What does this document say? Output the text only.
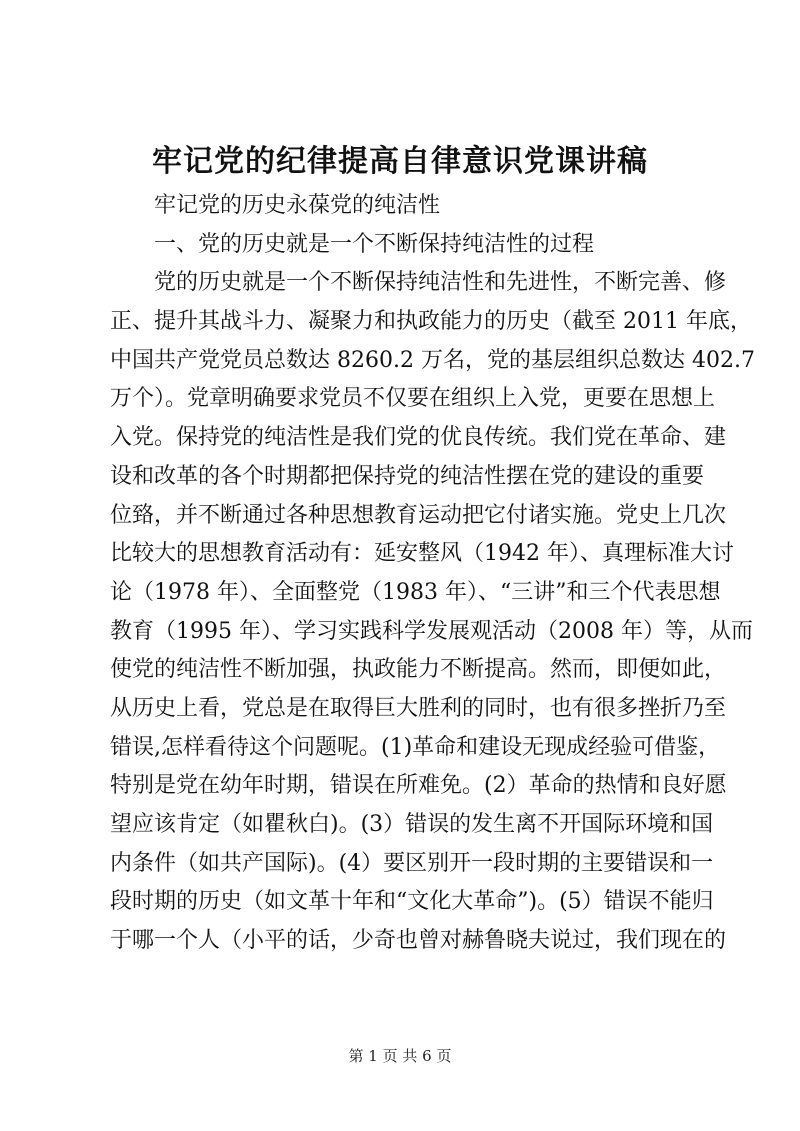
牢记党的纪律提高自律意识党课讲稿
牢记党的历史永葆党的纯洁性
一、党的历史就是一个不断保持纯洁性的过程
党的历史就是一个不断保持纯洁性和先进性，不断完善、修
正、提升其战斗力、凝聚力和执政能力的历史（截至 2011 年底，
中国共产党党员总数达 8260.2 万名，党的基层组织总数达 402.7
万个）。党章明确要求党员不仅要在组织上入党，更要在思想上
入党。保持党的纯洁性是我们党的优良传统。我们党在革命、建
设和改革的各个时期都把保持党的纯洁性摆在党的建设的重要
位臵，并不断通过各种思想教育运动把它付诸实施。党史上几次
比较大的思想教育活动有：延安整风（1942 年）、真理标准大讨
论（1978 年）、全面整党（1983 年）、“三讲”和三个代表思想
教育（1995 年）、学习实践科学发展观活动（2008 年）等，从而
使党的纯洁性不断加强，执政能力不断提高。然而，即便如此，
从历史上看，党总是在取得巨大胜利的同时，也有很多挫折乃至
错误,怎样看待这个问题呢。(1)革命和建设无现成经验可借鉴，
特别是党在幼年时期，错误在所难免。(2）革命的热情和良好愿
望应该肯定（如瞿秋白)。(3）错误的发生离不开国际环境和国
内条件（如共产国际)。(4）要区别开一段时期的主要错误和一
段时期的历史（如文革十年和“文化大革命”)。(5）错误不能归
于哪一个人（小平的话，少奇也曾对赫鲁晓夫说过，我们现在的
第 1 页 共 6 页
